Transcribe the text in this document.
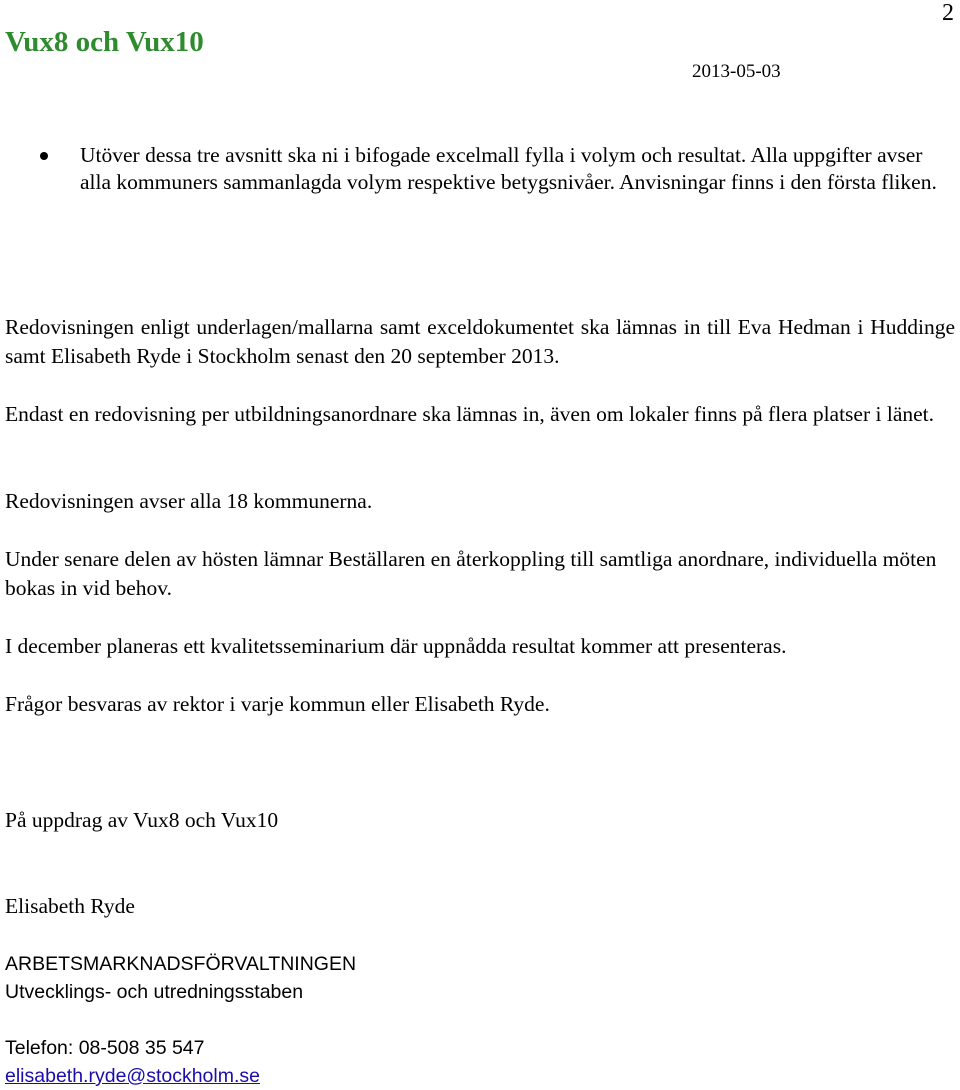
Vux8 och Vux10
2
2013-05-03
Utöver dessa tre avsnitt ska ni i bifogade excelmall fylla i volym och resultat. Alla uppgifter avser alla kommuners sammanlagda volym respektive betygsnivåer. Anvisningar finns i den första fliken.

Redovisningen enligt underlagen/mallarna samt exceldokumentet ska lämnas in till Eva Hedman i Huddinge samt Elisabeth Ryde i Stockholm senast den 20 september 2013.

Endast en redovisning per utbildningsanordnare ska lämnas in, även om lokaler finns på flera platser i länet.

Redovisningen avser alla 18 kommunerna.

Under senare delen av hösten lämnar Beställaren en återkoppling till samtliga anordnare, individuella möten bokas in vid behov.

I december planeras ett kvalitetsseminarium där uppnådda resultat kommer att presenteras.

Frågor besvaras av rektor i varje kommun eller Elisabeth Ryde.

På uppdrag av Vux8 och Vux10

Elisabeth Ryde

ARBETSMARKNADSFÖRVALTNINGEN

Utvecklings- och utredningsstaben

Telefon: 08-508 35 547

elisabeth.ryde@stockholm.se
